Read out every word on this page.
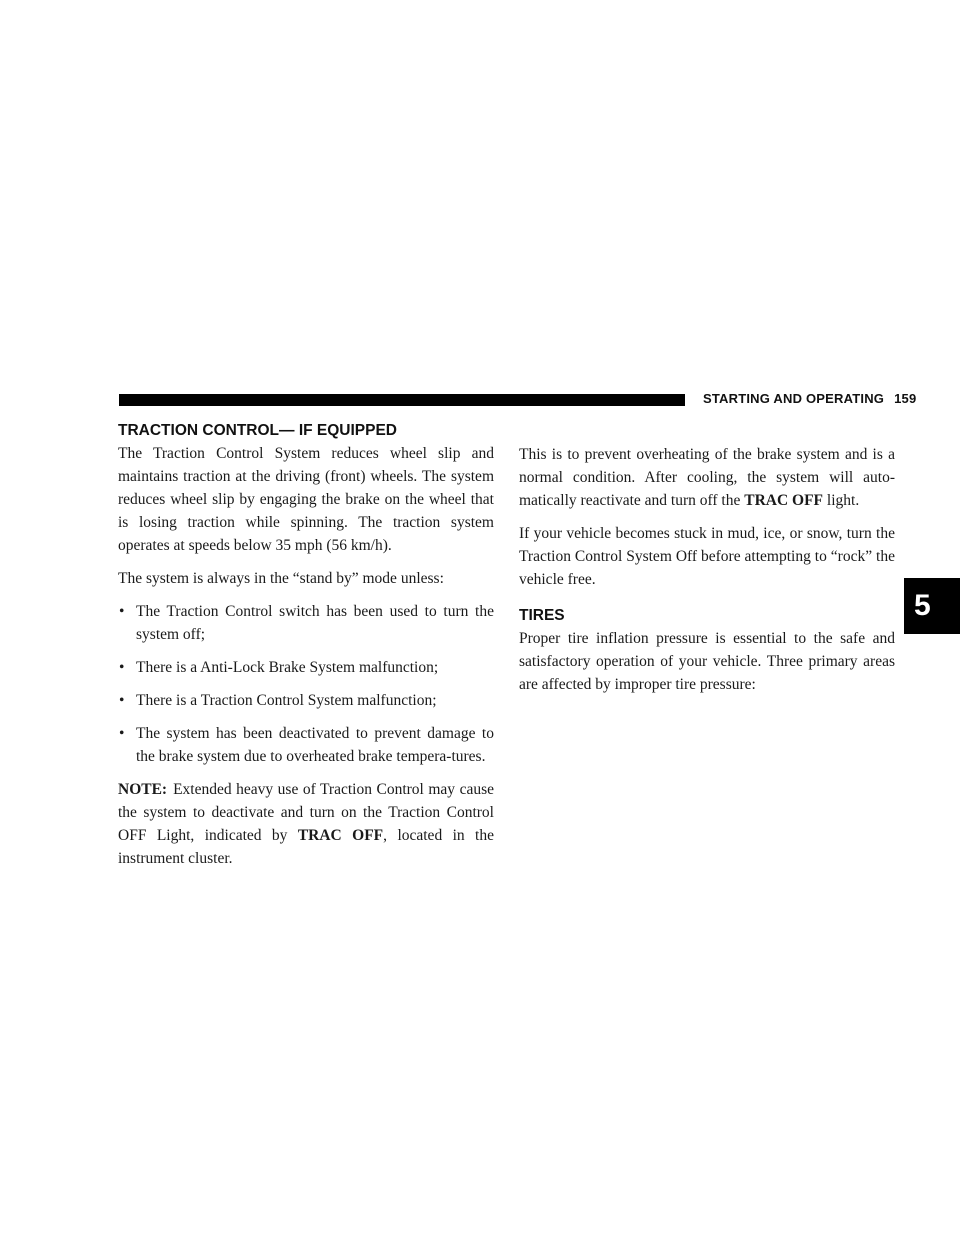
STARTING AND OPERATING 159
5
TRACTION CONTROL— IF EQUIPPED

The Traction Control System reduces wheel slip and maintains traction at the driving (front) wheels. The system reduces wheel slip by engaging the brake on the wheel that is losing traction while spinning. The traction system operates at speeds below 35 mph (56 km/h).

The system is always in the “stand by” mode unless:

• The Traction Control switch has been used to turn the system off;
• There is a Anti-Lock Brake System malfunction;
• There is a Traction Control System malfunction;
• The system has been deactivated to prevent damage to the brake system due to overheated brake tempera-tures.

NOTE: Extended heavy use of Traction Control may cause the system to deactivate and turn on the Traction Control OFF Light, indicated by TRAC OFF, located in the instrument cluster.

This is to prevent overheating of the brake system and is a normal condition. After cooling, the system will auto-matically reactivate and turn off the TRAC OFF light.

If your vehicle becomes stuck in mud, ice, or snow, turn the Traction Control System Off before attempting to “rock” the vehicle free.

TIRES

Proper tire inflation pressure is essential to the safe and satisfactory operation of your vehicle. Three primary areas are affected by improper tire pressure:
